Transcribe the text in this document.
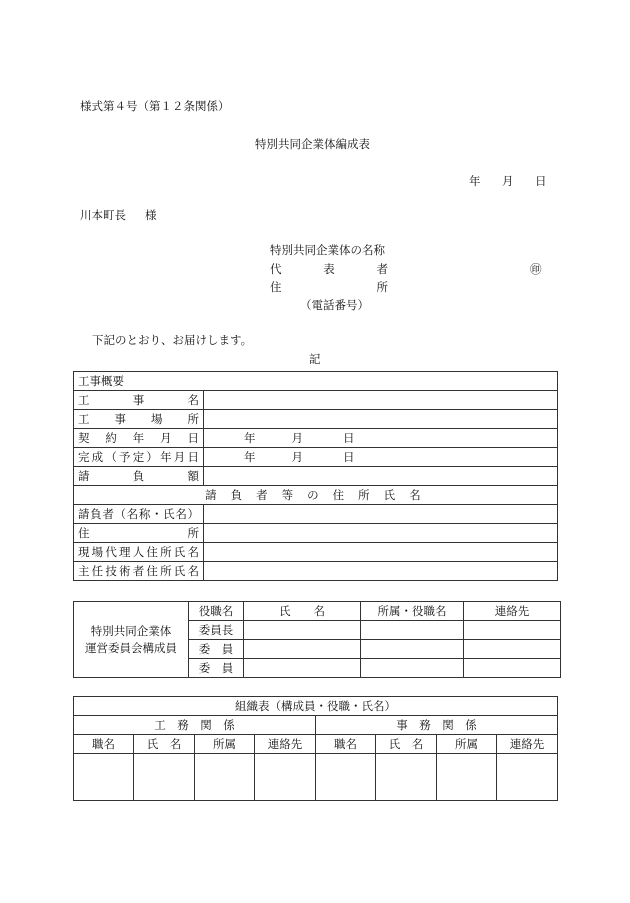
様式第４号（第１２条関係）
特別共同企業体編成表
年 月 日
川本町長 様
特別共同企業体の名称
代　　表　　者	㊞
住　　　　　所
（電話番号）
下記のとおり、お届けします。
記
工事概要	

工　事　名	

工　事　場　所	

契約年月日	年 月 日

完成（予定）年月日	年 月 日

請　負　額	

請 負 者 等 の 住 所 氏 名	

請負者（名称・氏名）	

住　　　　　所	

現場代理人住所氏名	

主任技術者住所氏名	

特別共同企業体
運営委員会構成員	役職名	氏　　名	所属・役職名	連絡先
	委員長			
	委　員			
	委　員			
組織表（構成員・役職・氏名）							
工　務　関　係				事　務　関　係			
職名	氏　名	所属	連絡先	職名	氏　名	所属	連絡先
